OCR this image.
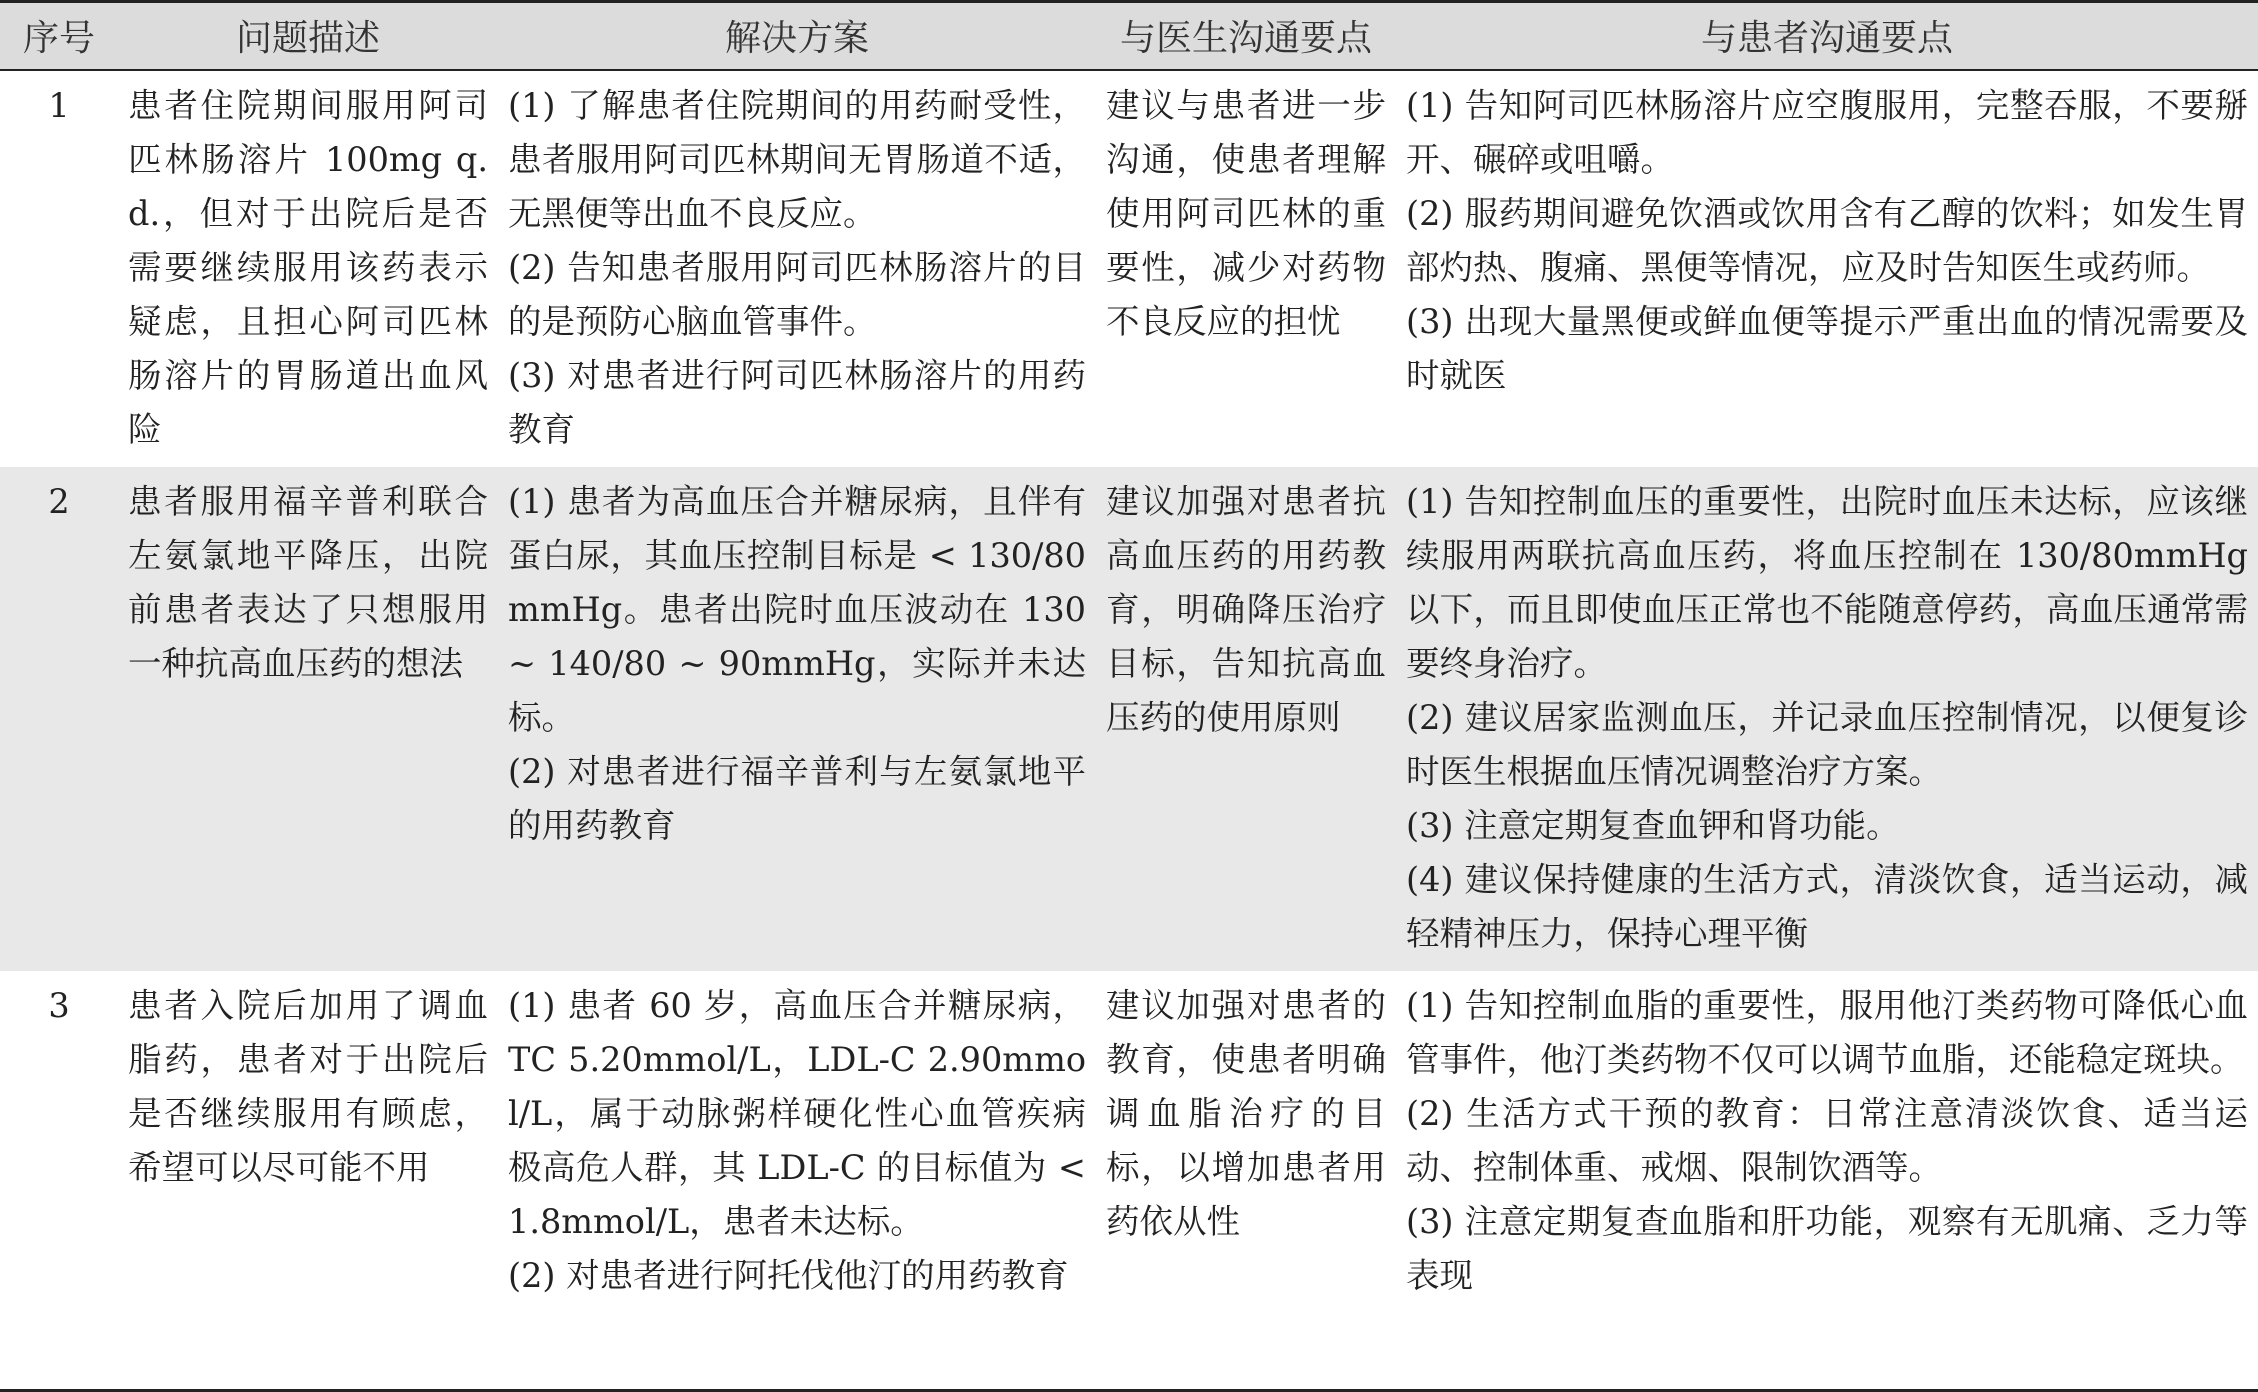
序号	问题描述	解决方案	与医生沟通要点	与患者沟通要点
1	患者住院期间服用阿司匹林肠溶片 100mg q.d.，但对于出院后是否需要继续服用该药表示疑虑，且担心阿司匹林肠溶片的胃肠道出血风险	(1) 了解患者住院期间的用药耐受性，患者服用阿司匹林期间无胃肠道不适，无黑便等出血不良反应。
(2) 告知患者服用阿司匹林肠溶片的目的是预防心脑血管事件。
(3) 对患者进行阿司匹林肠溶片的用药教育	建议与患者进一步沟通，使患者理解使用阿司匹林的重要性，减少对药物不良反应的担忧	(1) 告知阿司匹林肠溶片应空腹服用，完整吞服，不要掰开、碾碎或咀嚼。
(2) 服药期间避免饮酒或饮用含有乙醇的饮料；如发生胃部灼热、腹痛、黑便等情况，应及时告知医生或药师。
(3) 出现大量黑便或鲜血便等提示严重出血的情况需要及时就医

2	患者服用福辛普利联合左氨氯地平降压，出院前患者表达了只想服用一种抗高血压药的想法	(1) 患者为高血压合并糖尿病，且伴有蛋白尿，其血压控制目标是 < 130/80mmHg。患者出院时血压波动在 130 ~ 140/80 ~ 90mmHg，实际并未达标。
(2) 对患者进行福辛普利与左氨氯地平的用药教育	建议加强对患者抗高血压药的用药教育，明确降压治疗目标，告知抗高血压药的使用原则	(1) 告知控制血压的重要性，出院时血压未达标，应该继续服用两联抗高血压药，将血压控制在 130/80mmHg 以下，而且即使血压正常也不能随意停药，高血压通常需要终身治疗。
(2) 建议居家监测血压，并记录血压控制情况，以便复诊时医生根据血压情况调整治疗方案。
(3) 注意定期复查血钾和肾功能。
(4) 建议保持健康的生活方式，清淡饮食，适当运动，减轻精神压力，保持心理平衡

3	患者入院后加用了调血脂药，患者对于出院后是否继续服用有顾虑，希望可以尽可能不用	(1) 患者 60 岁，高血压合并糖尿病，TC 5.20mmol/L，LDL-C 2.90mmol/L，属于动脉粥样硬化性心血管疾病极高危人群，其 LDL-C 的目标值为 < 1.8mmol/L，患者未达标。
(2) 对患者进行阿托伐他汀的用药教育	建议加强对患者的教育，使患者明确调血脂治疗的目标，以增加患者用药依从性	(1) 告知控制血脂的重要性，服用他汀类药物可降低心血管事件，他汀类药物不仅可以调节血脂，还能稳定斑块。
(2) 生活方式干预的教育：日常注意清淡饮食、适当运动、控制体重、戒烟、限制饮酒等。
(3) 注意定期复查血脂和肝功能，观察有无肌痛、乏力等表现
